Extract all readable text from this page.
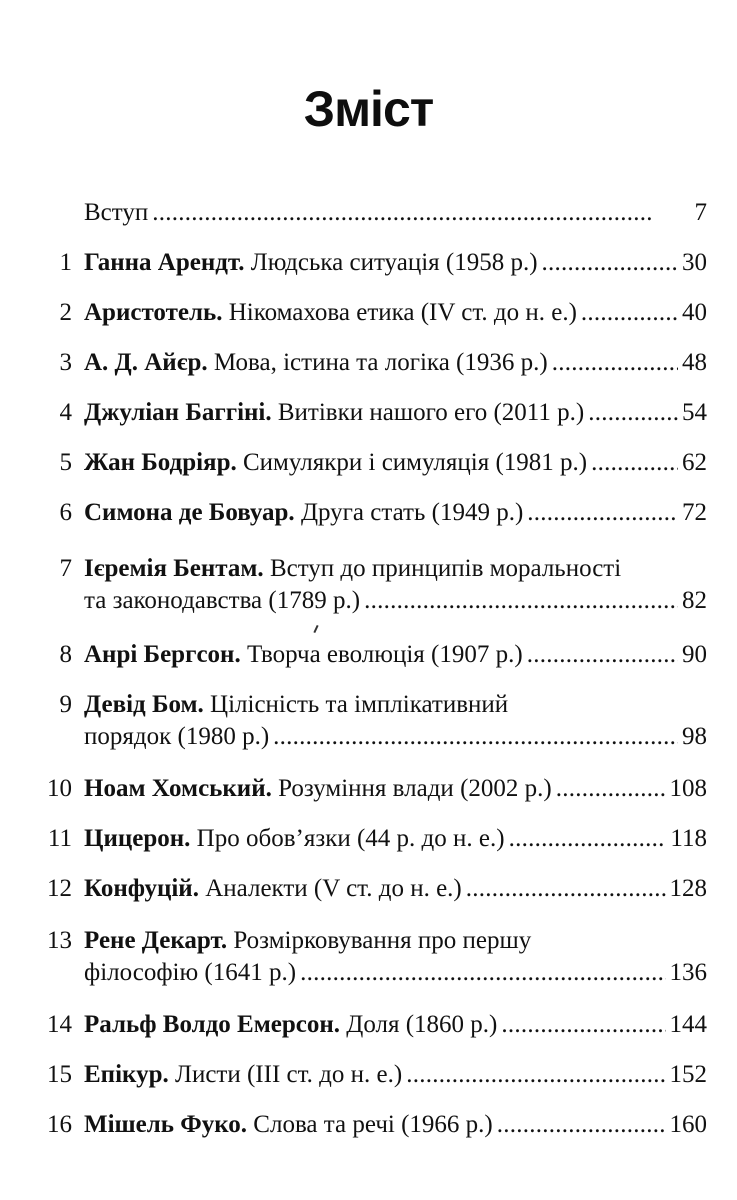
Зміст
Вступ . . .	7
1 Ганна Арендт. Людська ситуація (1958 р.) . . .	30
2 Аристотель. Нікомахова етика (IV ст. до н. е.) . . .	40
3 А. Д. Айєр. Мова, істина та логіка (1936 р.) . . .	48
4 Джуліан Баггіні. Витівки нашого его (2011 р.) . . .	54
5 Жан Бодріяр. Симулякри і симуляція (1981 р.) . . .	62
6 Симона де Бовуар. Друга стать (1949 р.) . . .	72
7 Ієремія Бентам. Вступ до принципів моральності
та законодавства (1789 р.) . . .	82
8 Анрі Бергсон. Творча еволюція (1907 р.) . . .	90
9 Девід Бом. Цілісність та імплікативний
порядок (1980 р.) . . .	98
10 Ноам Хомський. Розуміння влади (2002 р.) . . .	108
11 Цицерон. Про обов’язки (44 р. до н. е.) . . .	118
12 Конфуцій. Аналекти (V ст. до н. е.) . . .	128
13 Рене Декарт. Розмірковування про першу
філософію (1641 р.) . . .	136
14 Ральф Волдо Емерсон. Доля (1860 р.) . . .	144
15 Епікур. Листи (III ст. до н. е.) . . .	152
16 Мішель Фуко. Слова та речі (1966 р.) . . .	160
